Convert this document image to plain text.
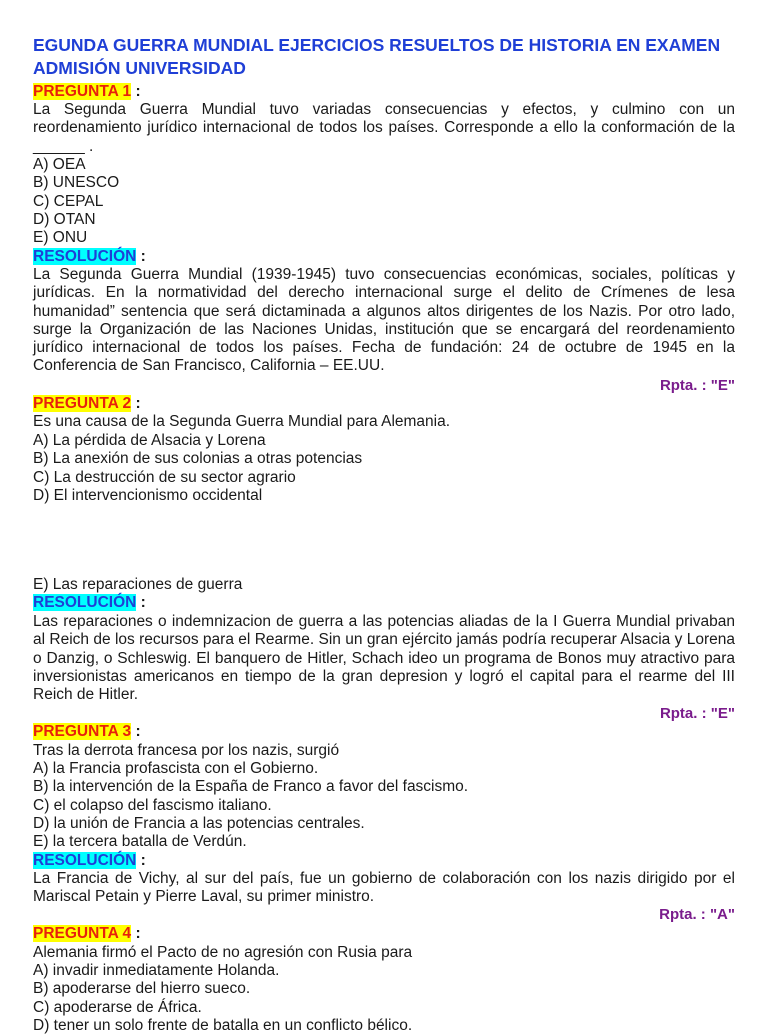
EGUNDA GUERRA MUNDIAL EJERCICIOS RESUELTOS DE HISTORIA EN EXAMEN ADMISIÓN UNIVERSIDAD
PREGUNTA 1 :
La Segunda Guerra Mundial tuvo variadas consecuencias y efectos, y culmino con un reordenamiento jurídico internacional de todos los países. Corresponde a ello la conformación de la ______ .
A) OEA
B) UNESCO
C) CEPAL
D) OTAN
E) ONU
RESOLUCIÓN :
La Segunda Guerra Mundial (1939-1945) tuvo consecuencias económicas, sociales, políticas y jurídicas. En la normatividad del derecho internacional surge el delito de Crímenes de lesa humanidad” sentencia que será dictaminada a algunos altos dirigentes de los Nazis. Por otro lado, surge la Organización de las Naciones Unidas, institución que se encargará del reordenamiento jurídico internacional de todos los países. Fecha de fundación: 24 de octubre de 1945 en la Conferencia de San Francisco, California – EE.UU.
Rpta. : "E"
PREGUNTA 2 :
Es una causa de la Segunda Guerra Mundial para Alemania.
A) La pérdida de Alsacia y Lorena
B) La anexión de sus colonias a otras potencias
C) La destrucción de su sector agrario
D) El intervencionismo occidental
E) Las reparaciones de guerra
RESOLUCIÓN :
Las reparaciones o indemnizacion de guerra a las potencias aliadas de la I Guerra Mundial privaban al Reich de los recursos para el Rearme. Sin un gran ejército jamás podría recuperar Alsacia y Lorena o Danzig, o Schleswig. El banquero de Hitler, Schach ideo un programa de Bonos muy atractivo para inversionistas americanos en tiempo de la gran depresion y logró el capital para el rearme del III Reich de Hitler.
Rpta. : "E"
PREGUNTA 3 :
Tras la derrota francesa por los nazis, surgió
A) la Francia profascista con el Gobierno.
B) la intervención de la España de Franco a favor del fascismo.
C) el colapso del fascismo italiano.
D) la unión de Francia a las potencias centrales.
E) la tercera batalla de Verdún.
RESOLUCIÓN :
La Francia de Vichy, al sur del país, fue un gobierno de colaboración con los nazis dirigido por el Mariscal Petain y Pierre Laval, su primer ministro.
Rpta. : "A"
PREGUNTA 4 :
Alemania firmó el Pacto de no agresión con Rusia para
A) invadir inmediatamente Holanda.
B) apoderarse del hierro sueco.
C) apoderarse de África.
D) tener un solo frente de batalla en un conflicto bélico.
